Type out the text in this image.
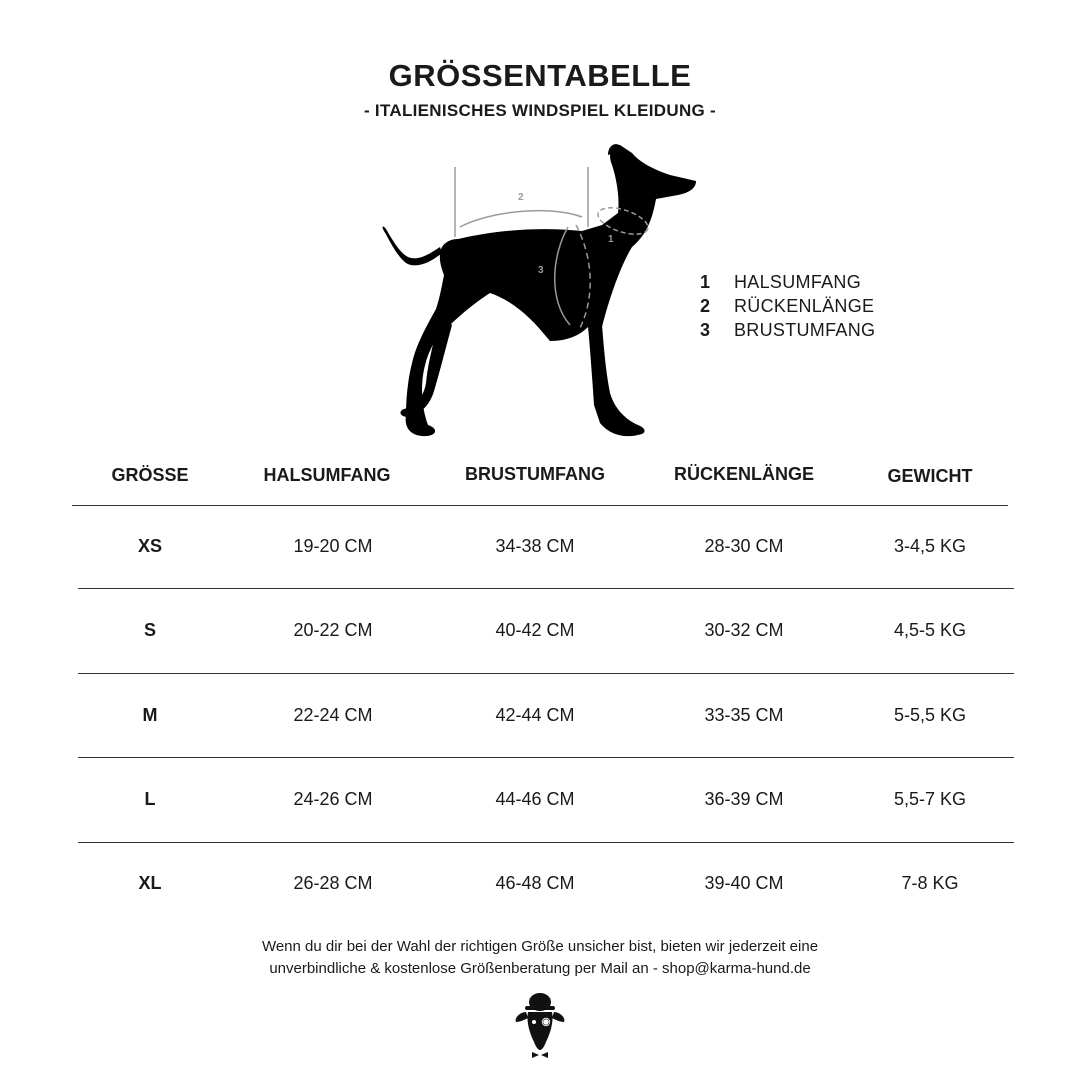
GRÖSSENTABELLE
- ITALIENISCHES WINDSPIEL KLEIDUNG -
2
1
3
1	HALSUMFANG
2	RÜCKENLÄNGE
3	BRUSTUMFANG
GRÖSSE	HALSUMFANG	BRUSTUMFANG	RÜCKENLÄNGE	GEWICHT
XS	19-20 CM	34-38 CM	28-30 CM	3-4,5 KG
S	20-22 CM	40-42 CM	30-32 CM	4,5-5 KG
M	22-24 CM	42-44 CM	33-35 CM	5-5,5 KG
L	24-26 CM	44-46 CM	36-39 CM	5,5-7 KG
XL	26-28 CM	46-48 CM	39-40 CM	7-8 KG
Wenn du dir bei der Wahl der richtigen Größe unsicher bist, bieten wir jederzeit eine
unverbindliche & kostenlose Größenberatung per Mail an - shop@karma-hund.de
